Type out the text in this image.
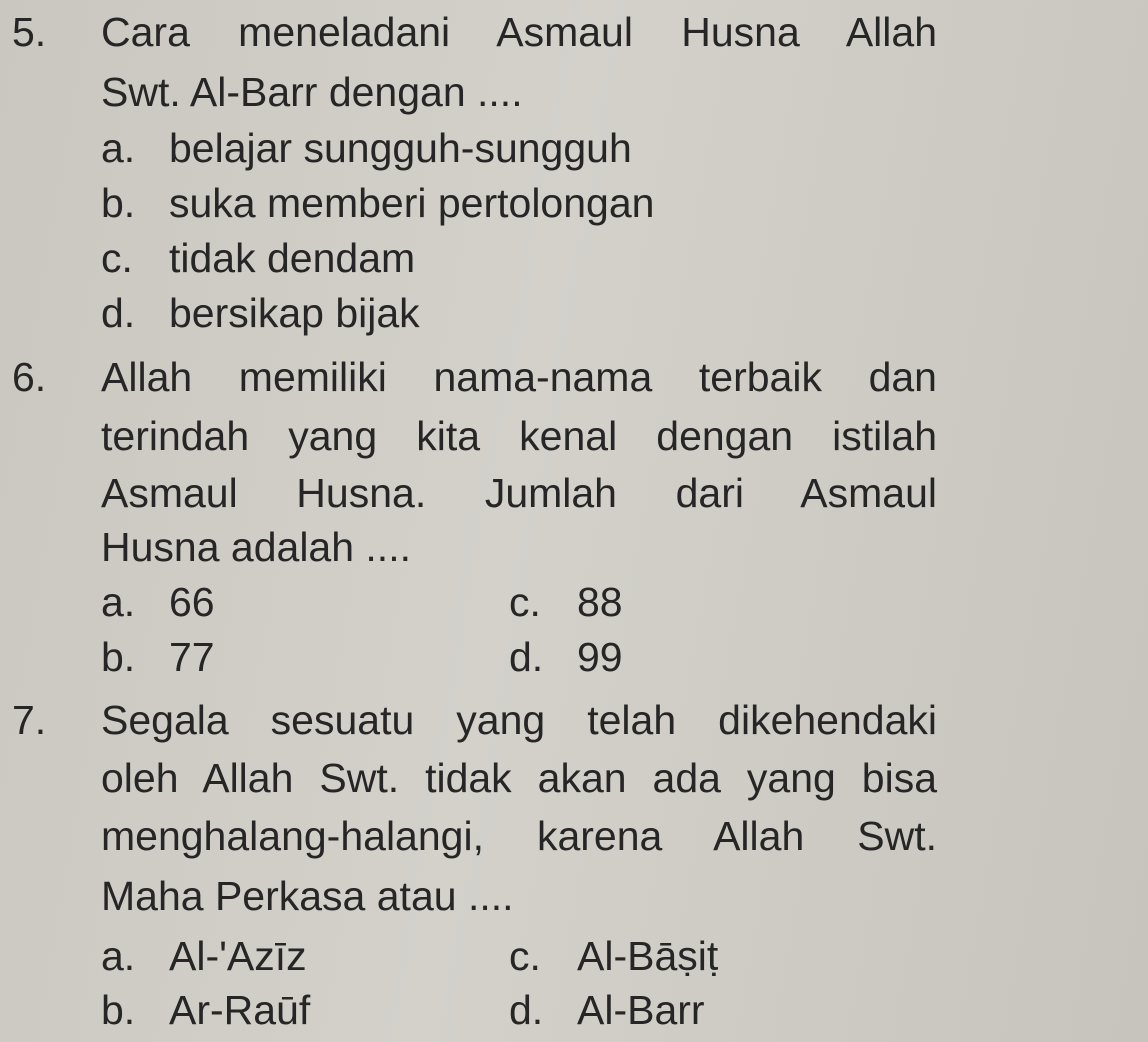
5. Cara meneladani Asmaul Husna Allah
Swt. Al-Barr dengan ....
a. belajar sungguh-sungguh
b. suka memberi pertolongan
c. tidak dendam
d. bersikap bijak
6. Allah memiliki nama-nama terbaik dan
terindah yang kita kenal dengan istilah
Asmaul Husna. Jumlah dari Asmaul
Husna adalah ....
a. 66
b. 77
c. 88
d. 99
7. Segala sesuatu yang telah dikehendaki
oleh Allah Swt. tidak akan ada yang bisa
menghalang-halangi, karena Allah Swt.
Maha Perkasa atau ....
a. Al-'Azīz
b. Ar-Raūf
c. Al-Bāṣiṭ
d. Al-Barr
